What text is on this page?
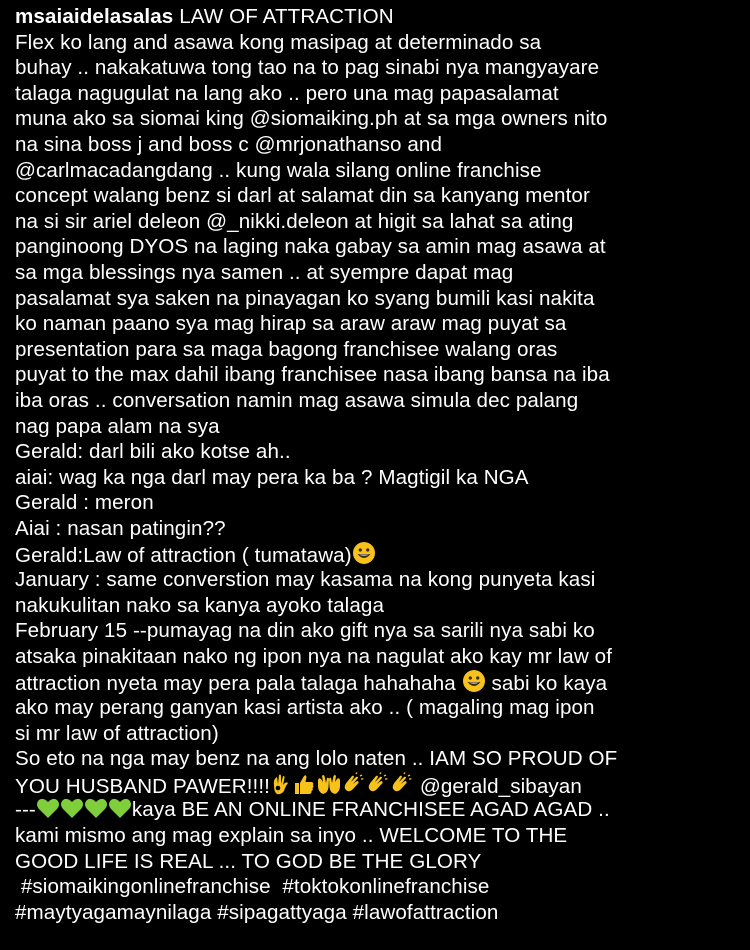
msaiaidelasalas LAW OF ATTRACTION
Flex ko lang and asawa kong masipag at determinado sa
buhay .. nakakatuwa tong tao na to pag sinabi nya mangyayare
talaga nagugulat na lang ako .. pero una mag papasalamat
muna ako sa siomai king @siomaiking.ph at sa mga owners nito
na sina boss j and boss c @mrjonathanso and
@carlmacadangdang .. kung wala silang online franchise
concept walang benz si darl at salamat din sa kanyang mentor
na si sir ariel deleon @_nikki.deleon at higit sa lahat sa ating
panginoong DYOS na laging naka gabay sa amin mag asawa at
sa mga blessings nya samen .. at syempre dapat mag
pasalamat sya saken na pinayagan ko syang bumili kasi nakita
ko naman paano sya mag hirap sa araw araw mag puyat sa
presentation para sa maga bagong franchisee walang oras
puyat to the max dahil ibang franchisee nasa ibang bansa na iba
iba oras .. conversation namin mag asawa simula dec palang
nag papa alam na sya
Gerald: darl bili ako kotse ah..
aiai: wag ka nga darl may pera ka ba ? Magtigil ka NGA
Gerald : meron
Aiai : nasan patingin??
Gerald:Law of attraction ( tumatawa)
January : same converstion may kasama na kong punyeta kasi
nakukulitan nako sa kanya ayoko talaga
February 15 --pumayag na din ako gift nya sa sarili nya sabi ko
atsaka pinakitaan nako ng ipon nya na nagulat ako kay mr law of
attraction nyeta may pera pala talaga hahahaha sabi ko kaya
ako may perang ganyan kasi artista ako .. ( magaling mag ipon
si mr law of attraction)
So eto na nga may benz na ang lolo naten .. IAM SO PROUD OF
YOU HUSBAND PAWER!!!!	@gerald_sibayan
---	kaya BE AN ONLINE FRANCHISEE AGAD AGAD ..
kami mismo ang mag explain sa inyo .. WELCOME TO THE
GOOD LIFE IS REAL ... TO GOD BE THE GLORY
#siomaikingonlinefranchise  #toktokonlinefranchise
#maytyagamaynilaga #sipagattyaga #lawofattraction
